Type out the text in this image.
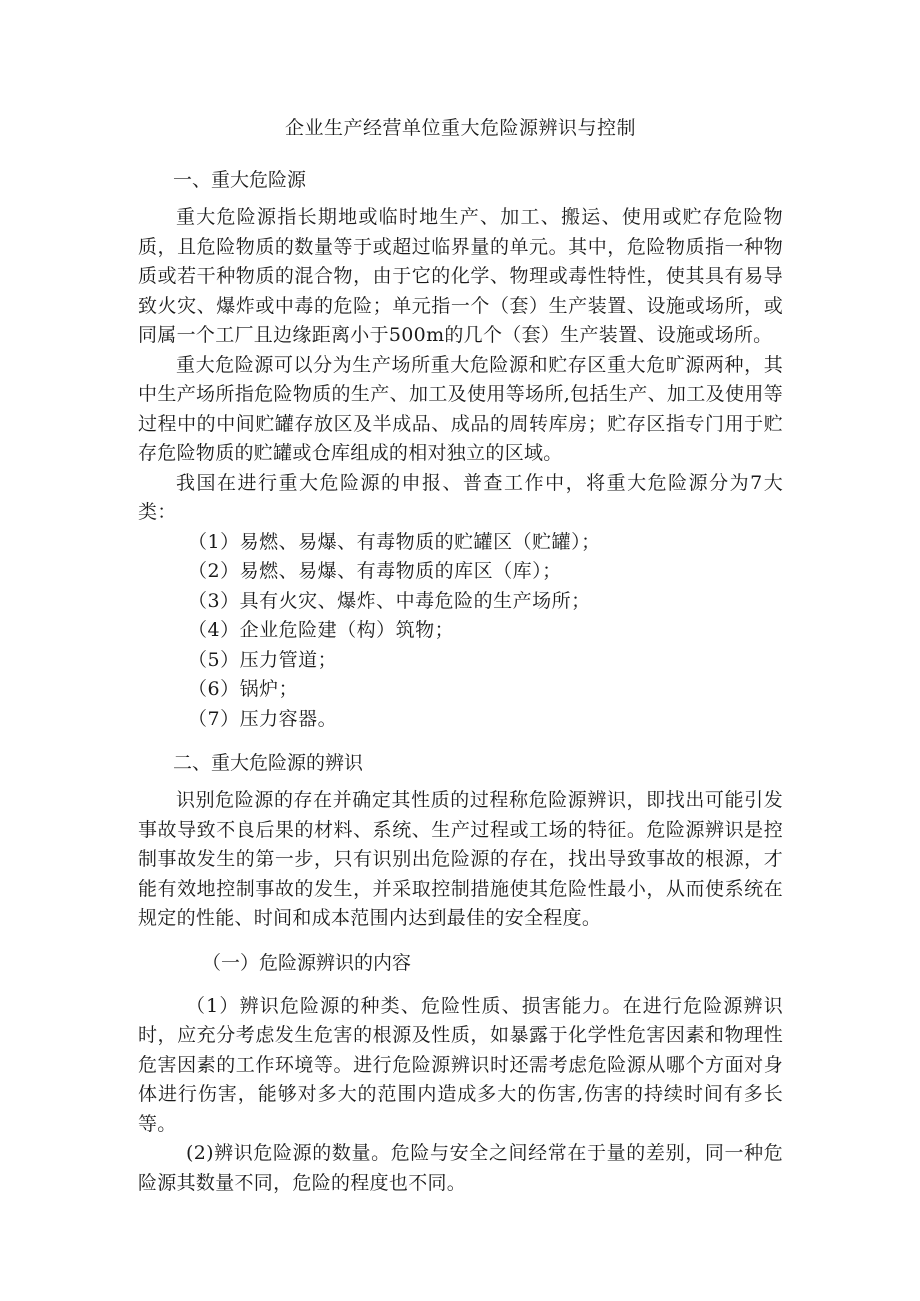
企业生产经营单位重大危险源辨识与控制
一、重大危险源

重大危险源指长期地或临时地生产、加工、搬运、使用或贮存危险物质，且危险物质的数量等于或超过临界量的单元。其中，危险物质指一种物质或若干种物质的混合物，由于它的化学、物理或毒性特性，使其具有易导致火灾、爆炸或中毒的危险；单元指一个（套）生产装置、设施或场所，或同属一个工厂且边缘距离小于500m的几个（套）生产装置、设施或场所。

重大危险源可以分为生产场所重大危险源和贮存区重大危旷源两种，其中生产场所指危险物质的生产、加工及使用等场所,包括生产、加工及使用等过程中的中间贮罐存放区及半成品、成品的周转库房；贮存区指专门用于贮存危险物质的贮罐或仓库组成的相对独立的区域。

我国在进行重大危险源的申报、普查工作中，将重大危险源分为7大类：

（1）易燃、易爆、有毒物质的贮罐区（贮罐）；
（2）易燃、易爆、有毒物质的库区（库）；
（3）具有火灾、爆炸、中毒危险的生产场所；
（4）企业危险建（构）筑物；
（5）压力管道；
（6）锅炉；
（7）压力容器。
二、重大危险源的辨识

识别危险源的存在并确定其性质的过程称危险源辨识，即找出可能引发事故导致不良后果的材料、系统、生产过程或工场的特征。危险源辨识是控制事故发生的第一步，只有识别出危险源的存在，找出导致事故的根源，才能有效地控制事故的发生，并采取控制措施使其危险性最小，从而使系统在规定的性能、时间和成本范围内达到最佳的安全程度。

（一）危险源辨识的内容

（1）辨识危险源的种类、危险性质、损害能力。在进行危险源辨识时，应充分考虑发生危害的根源及性质，如暴露于化学性危害因素和物理性危害因素的工作环境等。进行危险源辨识时还需考虑危险源从哪个方面对身体进行伤害，能够对多大的范围内造成多大的伤害,伤害的持续时间有多长等。

(2)辨识危险源的数量。危险与安全之间经常在于量的差别，同一种危险源其数量不同，危险的程度也不同。
